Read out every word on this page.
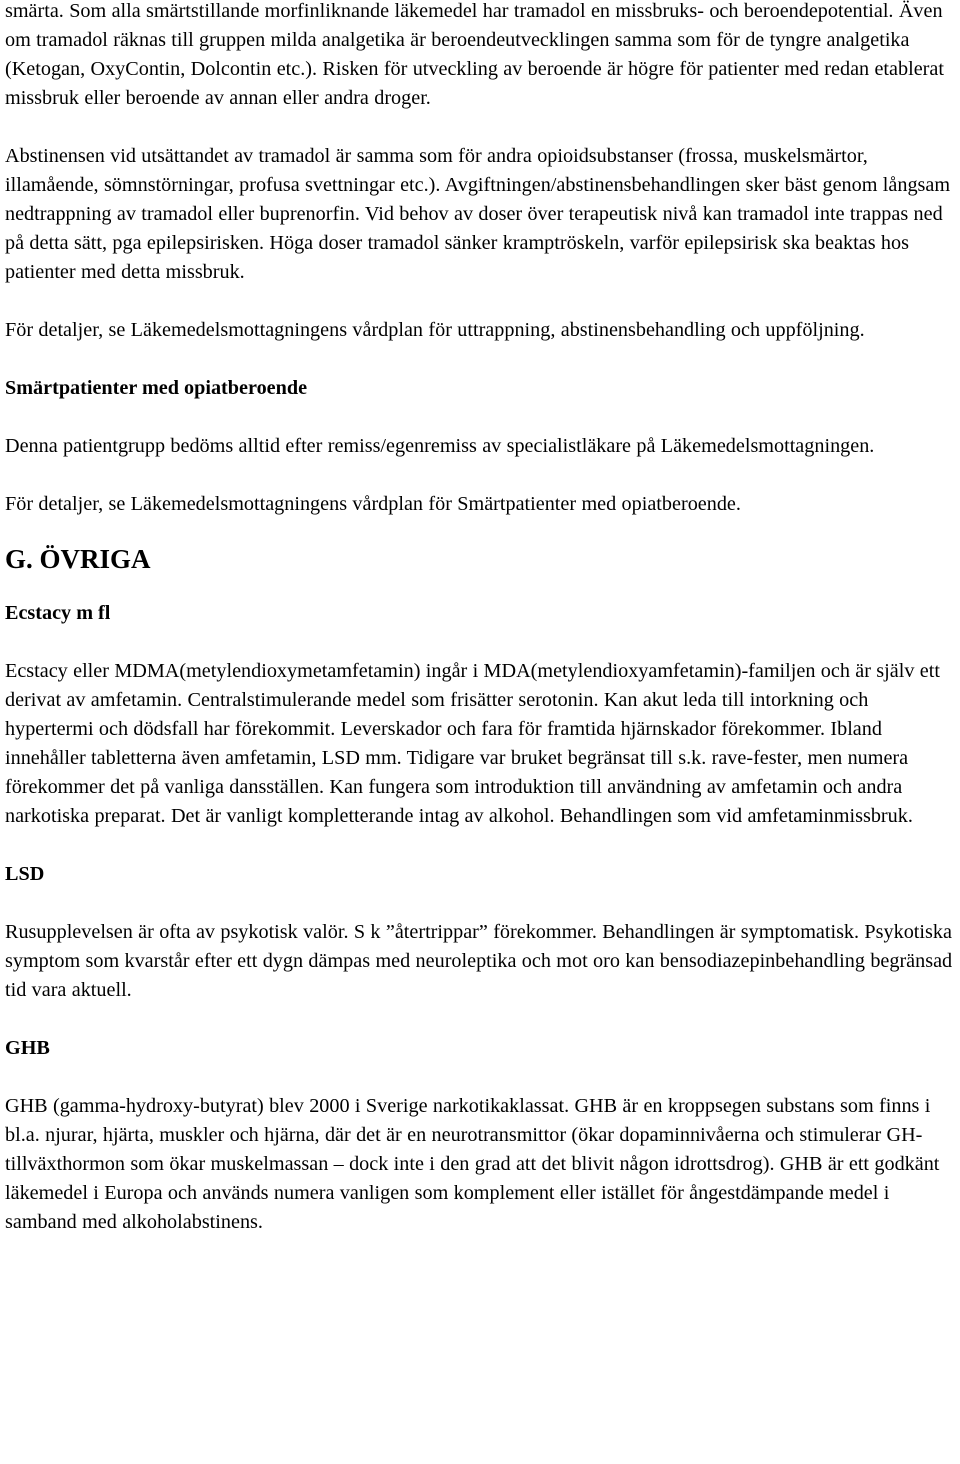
smärta. Som alla smärtstillande morfinliknande läkemedel har tramadol en missbruks- och beroendepotential. Även om tramadol räknas till gruppen milda analgetika är beroendeutvecklingen samma som för de tyngre analgetika (Ketogan, OxyContin, Dolcontin etc.). Risken för utveckling av beroende är högre för patienter med redan etablerat missbruk eller beroende av annan eller andra droger.

Abstinensen vid utsättandet av tramadol är samma som för andra opioidsubstanser (frossa, muskelsmärtor, illamående, sömnstörningar, profusa svettningar etc.). Avgiftningen/abstinensbehandlingen sker bäst genom långsam nedtrappning av tramadol eller buprenorfin. Vid behov av doser över terapeutisk nivå kan tramadol inte trappas ned på detta sätt, pga epilepsirisken. Höga doser tramadol sänker kramptröskeln, varför epilepsirisk ska beaktas hos patienter med detta missbruk.

För detaljer, se Läkemedelsmottagningens vårdplan för uttrappning, abstinensbehandling och uppföljning.

Smärtpatienter med opiatberoende

Denna patientgrupp bedöms alltid efter remiss/egenremiss av specialistläkare på Läkemedelsmottagningen.

För detaljer, se Läkemedelsmottagningens vårdplan för Smärtpatienter med opiatberoende.

G. ÖVRIGA
Ecstacy m fl

Ecstacy eller MDMA(metylendioxymetamfetamin) ingår i MDA(metylendioxyamfetamin)-familjen och är själv ett derivat av amfetamin. Centralstimulerande medel som frisätter serotonin. Kan akut leda till intorkning och hypertermi och dödsfall har förekommit. Leverskador och fara för framtida hjärnskador förekommer. Ibland innehåller tabletterna även amfetamin, LSD mm. Tidigare var bruket begränsat till s.k. rave-fester, men numera förekommer det på vanliga dansställen. Kan fungera som introduktion till användning av amfetamin och andra narkotiska preparat. Det är vanligt kompletterande intag av alkohol. Behandlingen som vid amfetaminmissbruk.

LSD

Rusupplevelsen är ofta av psykotisk valör. S k ”återtrippar” förekommer. Behandlingen är symptomatisk. Psykotiska symptom som kvarstår efter ett dygn dämpas med neuroleptika och mot oro kan bensodiazepinbehandling begränsad tid vara aktuell.

GHB

GHB (gamma-hydroxy-butyrat) blev 2000 i Sverige narkotikaklassat. GHB är en kroppsegen substans som finns i bl.a. njurar, hjärta, muskler och hjärna, där det är en neurotransmittor (ökar dopaminnivåerna och stimulerar GH-tillväxthormon som ökar muskelmassan – dock inte i den grad att det blivit någon idrottsdrog). GHB är ett godkänt läkemedel i Europa och används numera vanligen som komplement eller istället för ångestdämpande medel i samband med alkoholabstinens.
